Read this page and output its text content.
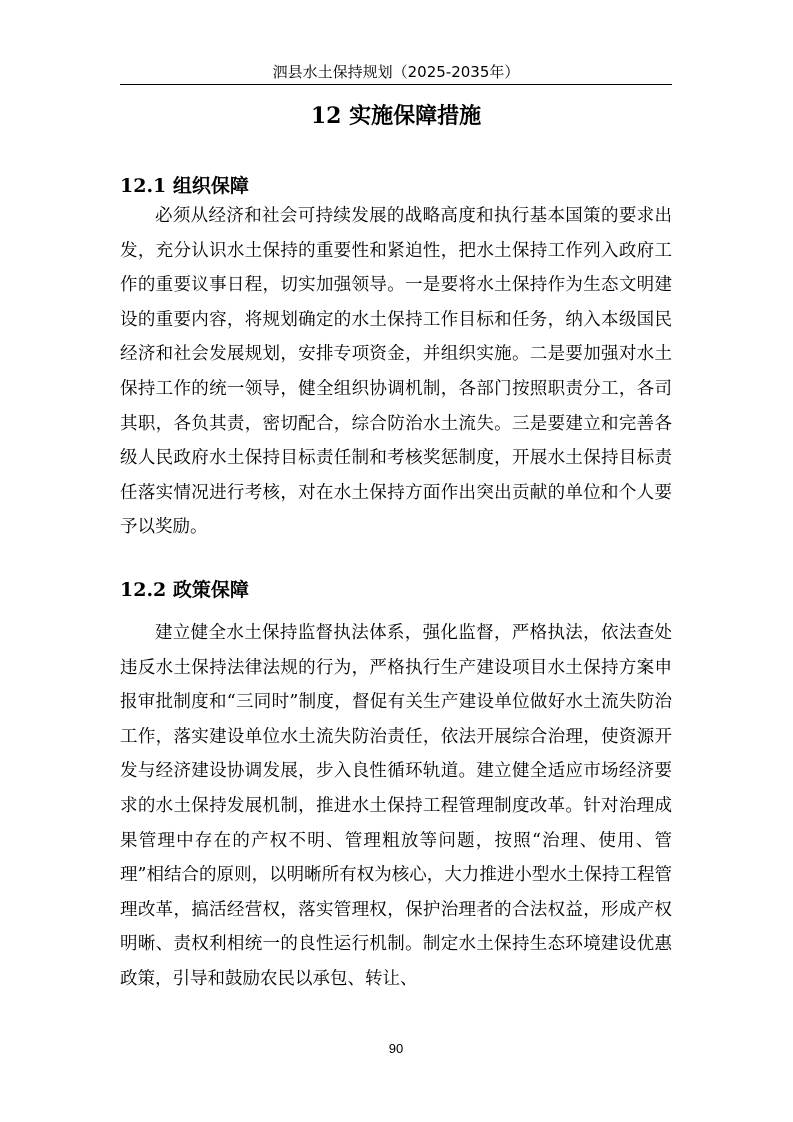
泗县水土保持规划（2025-2035年）
12 实施保障措施
12.1 组织保障

必须从经济和社会可持续发展的战略高度和执行基本国策的要求出发，充分认识水土保持的重要性和紧迫性，把水土保持工作列入政府工作的重要议事日程，切实加强领导。一是要将水土保持作为生态文明建设的重要内容，将规划确定的水土保持工作目标和任务，纳入本级国民经济和社会发展规划，安排专项资金，并组织实施。二是要加强对水土保持工作的统一领导，健全组织协调机制，各部门按照职责分工，各司其职，各负其责，密切配合，综合防治水土流失。三是要建立和完善各级人民政府水土保持目标责任制和考核奖惩制度，开展水土保持目标责任落实情况进行考核，对在水土保持方面作出突出贡献的单位和个人要予以奖励。

12.2 政策保障

建立健全水土保持监督执法体系，强化监督，严格执法，依法查处 违反水土保持法律法规的行为，严格执行生产建设项目水土保持方案申 报审批制度和“三同时”制度，督促有关生产建设单位做好水土流失防治工作，落实建设单位水土流失防治责任，依法开展综合治理，使资源开发与经济建设协调发展，步入良性循环轨道。建立健全适应市场经济要求的水土保持发展机制，推进水土保持工程管理制度改革。针对治理成果管理中存在的产权不明、管理粗放等问题，按照“治理、使用、管理”相结合的原则，以明晰所有权为核心，大力推进小型水土保持工程管理改革，搞活经营权，落实管理权，保护治理者的合法权益，形成产权明晰、责权利相统一的良性运行机制。制定水土保持生态环境建设优惠政策，引导和鼓励农民以承包、转让、

90
